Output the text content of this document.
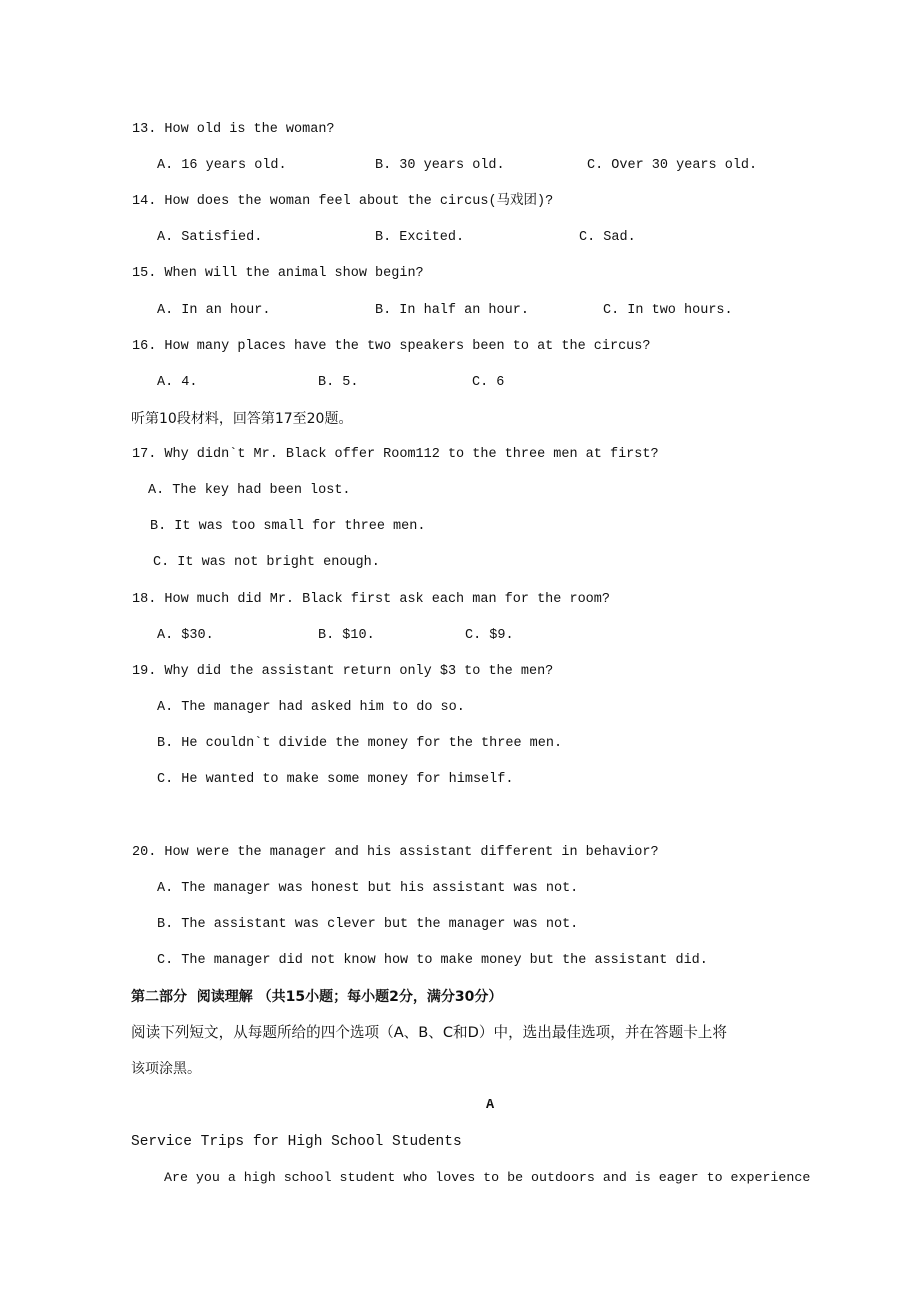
13. How old is the woman?
A. 16 years old.	B. 30 years old.	C. Over 30 years old.
14. How does the woman feel about the circus(马戏团)?
A. Satisfied.	B. Excited.	C. Sad.
15. When will the animal show begin?
A. In an hour.	B. In half an hour.	C. In two hours.
16. How many places have the two speakers been to at the circus?
A. 4.	B. 5.	C. 6
听第10段材料，回答第17至20题。
17. Why didn`t Mr. Black offer Room112 to the three men at first?
A. The key had been lost.
B. It was too small for three men.
C. It was not bright enough.
18. How much did Mr. Black first ask each man for the room?
A. $30.	B. $10.	C. $9.
19. Why did the assistant return only $3 to the men?
A. The manager had asked him to do so.
B. He couldn`t divide the money for the three men.
C. He wanted to make some money for himself.
20. How were the manager and his assistant different in behavior?
A. The manager was honest but his assistant was not.
B. The assistant was clever but the manager was not.
C. The manager did not know how to make money but the assistant did.
第二部分  阅读理解 （共15小题；每小题2分，满分30分）
阅读下列短文，从每题所给的四个选项（A、B、C和D）中，选出最佳选项，并在答题卡上将
该项涂黑。
A
Service Trips for High School Students
Are you a high school student who loves to be outdoors and is eager to experience
